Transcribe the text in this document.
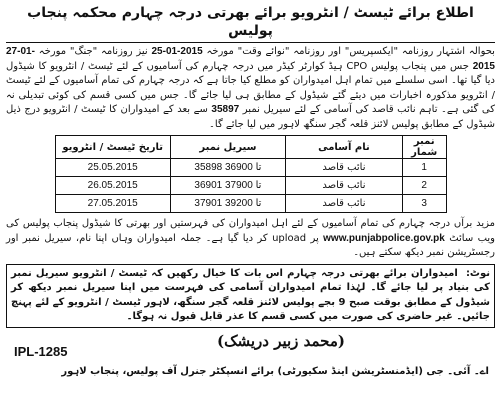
اطلاع برائے ٹیسٹ / انٹرویو برائے بھرتی درجہ چہارم محکمہ پنجاب پولیس

بحوالہ اشتہار روزنامہ "ایکسپریس" اور روزنامہ "نوائے وقت" مورخہ 25-01-2015 نیز روزنامہ "جنگ" مورخہ 27-01-2015 جس میں پنجاب پولیس CPO ہیڈ کوارٹر کیڈر میں درجہ چہارم کی آسامیوں کے لئے ٹیسٹ / انٹرویو کا شیڈول دیا گیا تھا۔ اسی سلسلے میں تمام اہل امیدواران کو مطلع کیا جاتا ہے کہ درجہ چہارم کی تمام آسامیوں کے لئے ٹیسٹ / انٹرویو مذکورہ اخبارات میں دیئے گئے شیڈول کے مطابق ہی لیا جائے گا۔ جس میں کسی قسم کی کوئی تبدیلی نہ کی گئی ہے۔ تاہم نائب قاصد کی آسامی کے لئے سیریل نمبر 35897 سے بعد کے امیدواران کا ٹیسٹ / انٹرویو درج ذیل شیڈول کے مطابق پولیس لائنز قلعہ گجر سنگھ لاہور میں لیا جائے گا۔

نمبر شمار	نام آسامی	سیریل نمبر	تاریخ ٹیسٹ / انٹرویو
1	نائب قاصد	35898 تا 36900	25.05.2015
2	نائب قاصد	36901 تا 37900	26.05.2015
3	نائب قاصد	37901 تا 39200	27.05.2015

مزید برآں درجہ چہارم کی تمام آسامیوں کے لئے اہل امیدواران کی فہرستیں اور بھرتی کا شیڈول پنجاب پولیس کی ویب سائٹ www.punjabpolice.gov.pk پر upload کر دیا گیا ہے۔ جملہ امیدواران وہاں اپنا نام، سیریل نمبر اور رجسٹریشن نمبر دیکھ سکتے ہیں۔

نوٹ: امیدواران برائے بھرتی درجہ چہارم اس بات کا خیال رکھیں کہ ٹیسٹ / انٹرویو سیریل نمبر کی بنیاد پر لیا جائے گا۔ لہٰذا تمام امیدواران آسامی کی فہرست میں اپنا سیریل نمبر دیکھ کر شیڈول کے مطابق بوقت صبح 9 بجے پولیس لائنز قلعہ گجر سنگھ، لاہور ٹیسٹ / انٹرویو کے لئے پہنچ جائیں۔ غیر حاضری کی صورت میں کسی قسم کا عذر قابل قبول نہ ہوگا۔
(محمد زبیر دریشک)
IPL-1285
اے۔ آئی۔ جی (ایڈمنسٹریشن اینڈ سکیورٹی) برائے انسپکٹر جنرل آف پولیس، پنجاب لاہور
